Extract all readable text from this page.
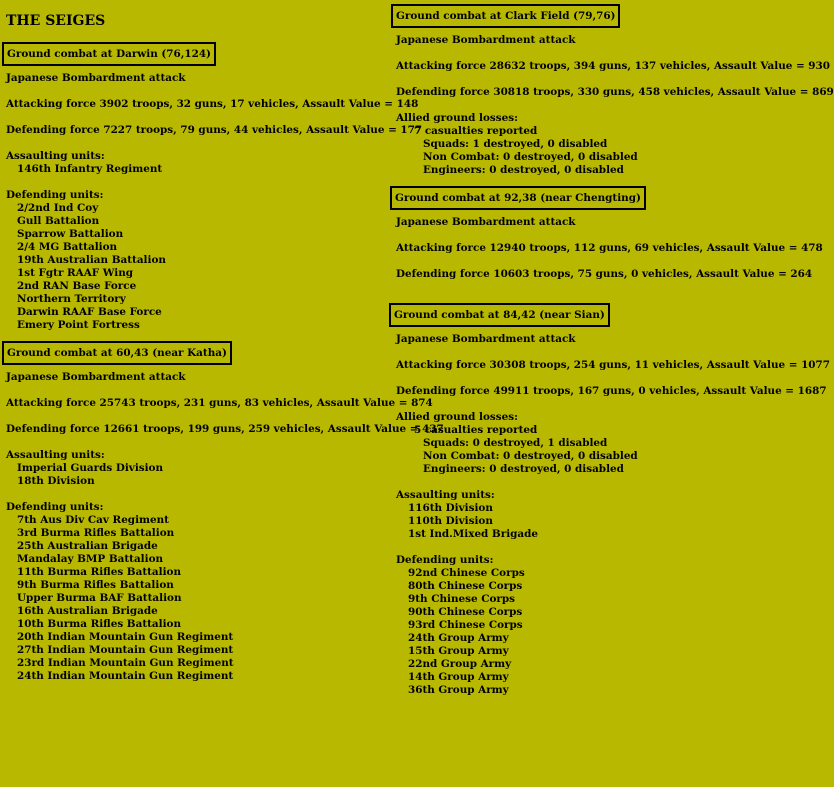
THE SEIGES
Ground combat at Darwin (76,124)
Japanese Bombardment attack
Attacking force 3902 troops, 32 guns, 17 vehicles, Assault Value = 148
Defending force 7227 troops, 79 guns, 44 vehicles, Assault Value = 177
Assaulting units:
146th Infantry Regiment
Defending units:
2/2nd Ind Coy
Gull Battalion
Sparrow Battalion
2/4 MG Battalion
19th Australian Battalion
1st Fgtr RAAF Wing
2nd RAN Base Force
Northern Territory
Darwin RAAF Base Force
Emery Point Fortress
Ground combat at 60,43 (near Katha)
Japanese Bombardment attack
Attacking force 25743 troops, 231 guns, 83 vehicles, Assault Value = 874
Defending force 12661 troops, 199 guns, 259 vehicles, Assault Value = 437
Assaulting units:
Imperial Guards Division
18th Division
Defending units:
7th Aus Div Cav Regiment
3rd Burma Rifles Battalion
25th Australian Brigade
Mandalay BMP Battalion
11th Burma Rifles Battalion
9th Burma Rifles Battalion
Upper Burma BAF Battalion
16th Australian Brigade
10th Burma Rifles Battalion
20th Indian Mountain Gun Regiment
27th Indian Mountain Gun Regiment
23rd Indian Mountain Gun Regiment
24th Indian Mountain Gun Regiment
Ground combat at Clark Field (79,76)
Japanese Bombardment attack
Attacking force 28632 troops, 394 guns, 137 vehicles, Assault Value = 930
Defending force 30818 troops, 330 guns, 458 vehicles, Assault Value = 869
Allied ground losses:
7 casualties reported
Squads: 1 destroyed, 0 disabled
Non Combat: 0 destroyed, 0 disabled
Engineers: 0 destroyed, 0 disabled
Ground combat at 92,38 (near Chengting)
Japanese Bombardment attack
Attacking force 12940 troops, 112 guns, 69 vehicles, Assault Value = 478
Defending force 10603 troops, 75 guns, 0 vehicles, Assault Value = 264
Ground combat at 84,42 (near Sian)
Japanese Bombardment attack
Attacking force 30308 troops, 254 guns, 11 vehicles, Assault Value = 1077
Defending force 49911 troops, 167 guns, 0 vehicles, Assault Value = 1687
Allied ground losses:
5 casualties reported
Squads: 0 destroyed, 1 disabled
Non Combat: 0 destroyed, 0 disabled
Engineers: 0 destroyed, 0 disabled
Assaulting units:
116th Division
110th Division
1st Ind.Mixed Brigade
Defending units:
92nd Chinese Corps
80th Chinese Corps
9th Chinese Corps
90th Chinese Corps
93rd Chinese Corps
24th Group Army
15th Group Army
22nd Group Army
14th Group Army
36th Group Army
